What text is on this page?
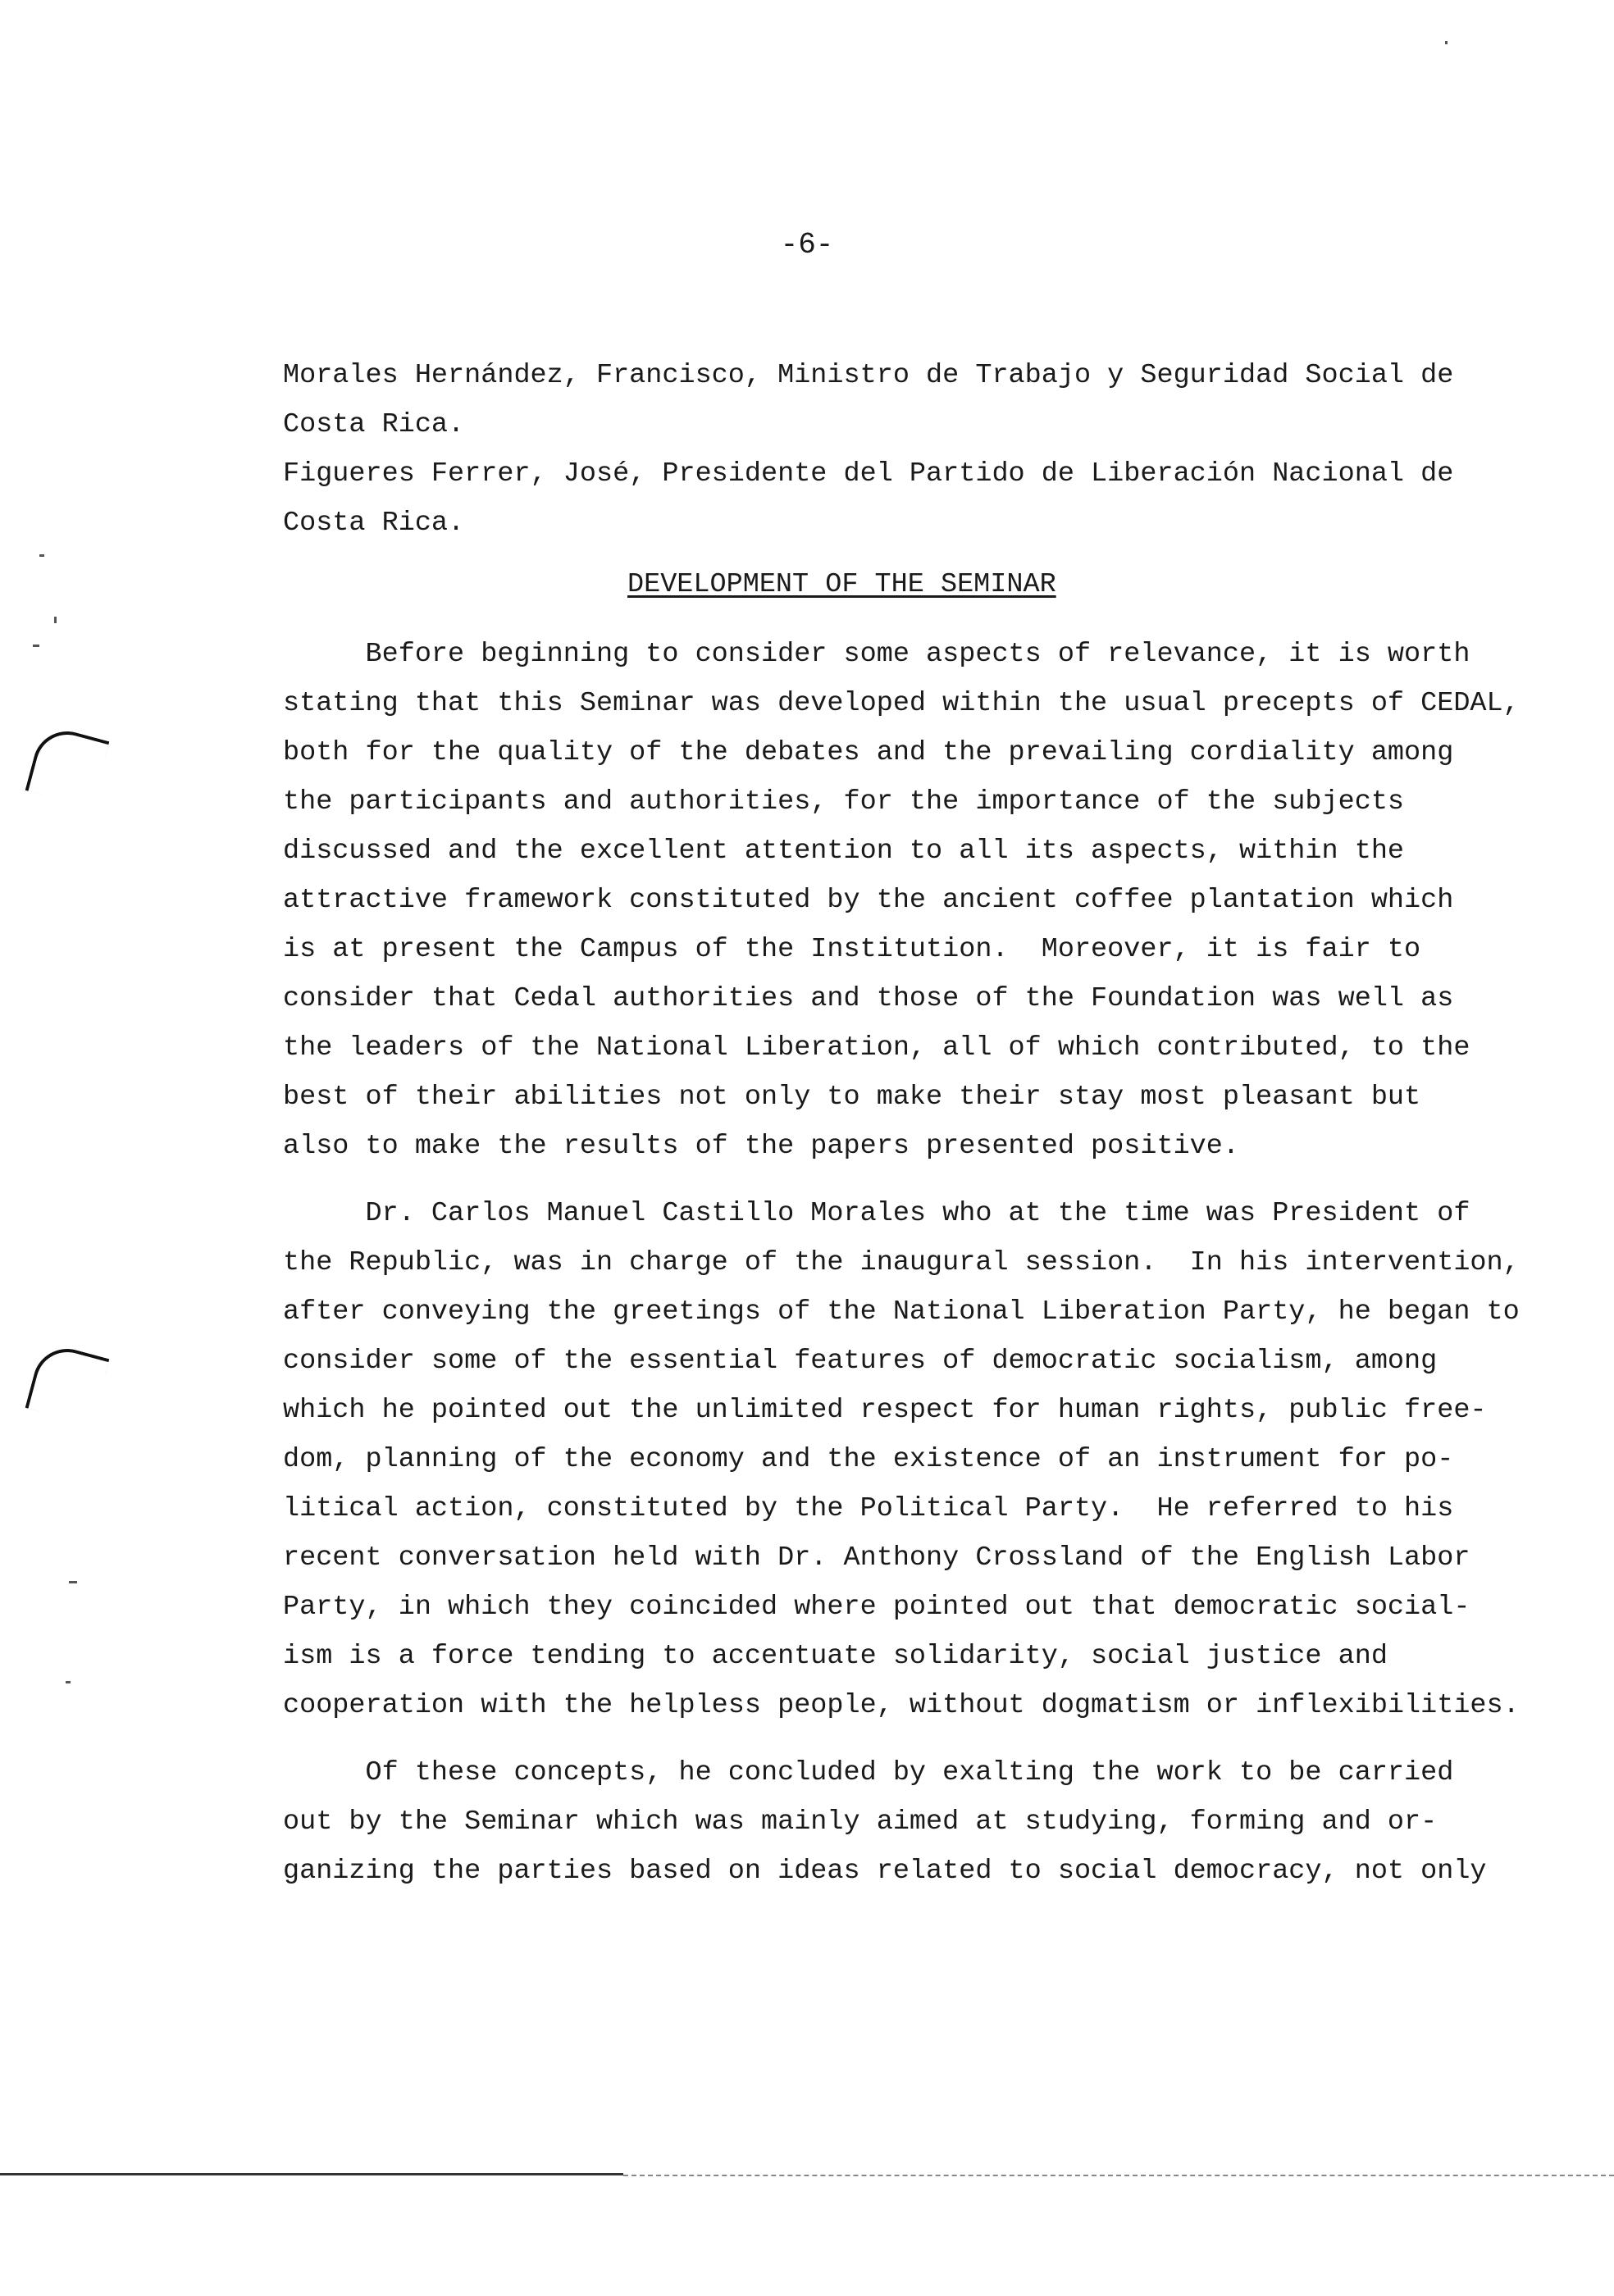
-6-
Morales Hernández, Francisco, Ministro de Trabajo y Seguridad Social de
Costa Rica.
Figueres Ferrer, José, Presidente del Partido de Liberación Nacional de
Costa Rica.
DEVELOPMENT OF THE SEMINAR
Before beginning to consider some aspects of relevance, it is worth
stating that this Seminar was developed within the usual precepts of CEDAL,
both for the quality of the debates and the prevailing cordiality among
the participants and authorities, for the importance of the subjects
discussed and the excellent attention to all its aspects, within the
attractive framework constituted by the ancient coffee plantation which
is at present the Campus of the Institution.  Moreover, it is fair to
consider that Cedal authorities and those of the Foundation was well as
the leaders of the National Liberation, all of which contributed, to the
best of their abilities not only to make their stay most pleasant but
also to make the results of the papers presented positive.
Dr. Carlos Manuel Castillo Morales who at the time was President of
the Republic, was in charge of the inaugural session.  In his intervention,
after conveying the greetings of the National Liberation Party, he began to
consider some of the essential features of democratic socialism, among
which he pointed out the unlimited respect for human rights, public free-
dom, planning of the economy and the existence of an instrument for po-
litical action, constituted by the Political Party.  He referred to his
recent conversation held with Dr. Anthony Crossland of the English Labor
Party, in which they coincided where pointed out that democratic social-
ism is a force tending to accentuate solidarity, social justice and
cooperation with the helpless people, without dogmatism or inflexibilities.
Of these concepts, he concluded by exalting the work to be carried
out by the Seminar which was mainly aimed at studying, forming and or-
ganizing the parties based on ideas related to social democracy, not only
